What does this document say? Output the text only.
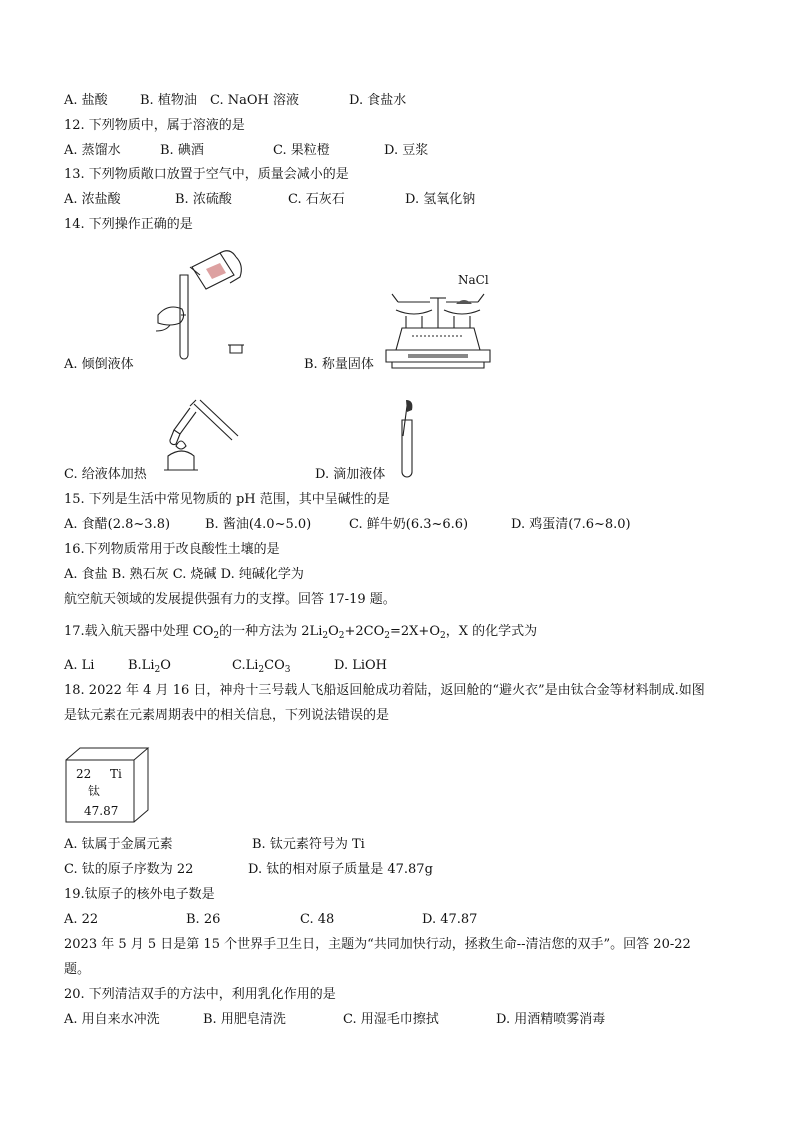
A. 盐酸 B. 植物油 C. NaOH 溶液	D. 食盐水
12. 下列物质中，属于溶液的是
A. 蒸馏水	B. 碘酒	C. 果粒橙	D. 豆浆
13. 下列物质敞口放置于空气中，质量会减小的是
A. 浓盐酸	B. 浓硫酸	C. 石灰石	D. 氢氧化钠
14. 下列操作正确的是
A. 倾倒液体
NaCl
B. 称量固体
C. 给液体加热	D. 滴加液体
15. 下列是生活中常见物质的 pH 范围，其中呈碱性的是
A. 食醋(2.8~3.8)	B. 酱油(4.0~5.0)	C. 鲜牛奶(6.3~6.6)	D. 鸡蛋清(7.6~8.0)
16.下列物质常用于改良酸性土壤的是
A. 食盐 B. 熟石灰 C. 烧碱 D. 纯碱化学为
航空航天领域的发展提供强有力的支撑。回答 17-19 题。
17.载入航天器中处理 $CO_2$的一种方法为 $2Li_2O_2+2CO_2=2X+O_2$，X 的化学式为
A. Li	$B.Li_2O$	$C.Li_2CO_3$	D. LiOH
18. 2022 年 4 月 16 日，神舟十三号载人飞船返回舱成功着陆，返回舱的“避火衣”是由钛合金等材料制成.如图
是钛元素在元素周期表中的相关信息，下列说法错误的是
22 Ti
钛
47.87
A. 钛属于金属元素	B. 钛元素符号为 Ti
C. 钛的原子序数为 22	D. 钛的相对原子质量是 47.87g
19.钛原子的核外电子数是
A. 22	B. 26	C. 48	D. 47.87
2023 年 5 月 5 日是第 15 个世界手卫生日，主题为“共同加快行动，拯救生命--清洁您的双手”。回答 20-22
题。
20. 下列清洁双手的方法中，利用乳化作用的是
A. 用自来水冲洗	B. 用肥皂清洗	C. 用湿毛巾擦拭	D. 用酒精喷雾消毒
